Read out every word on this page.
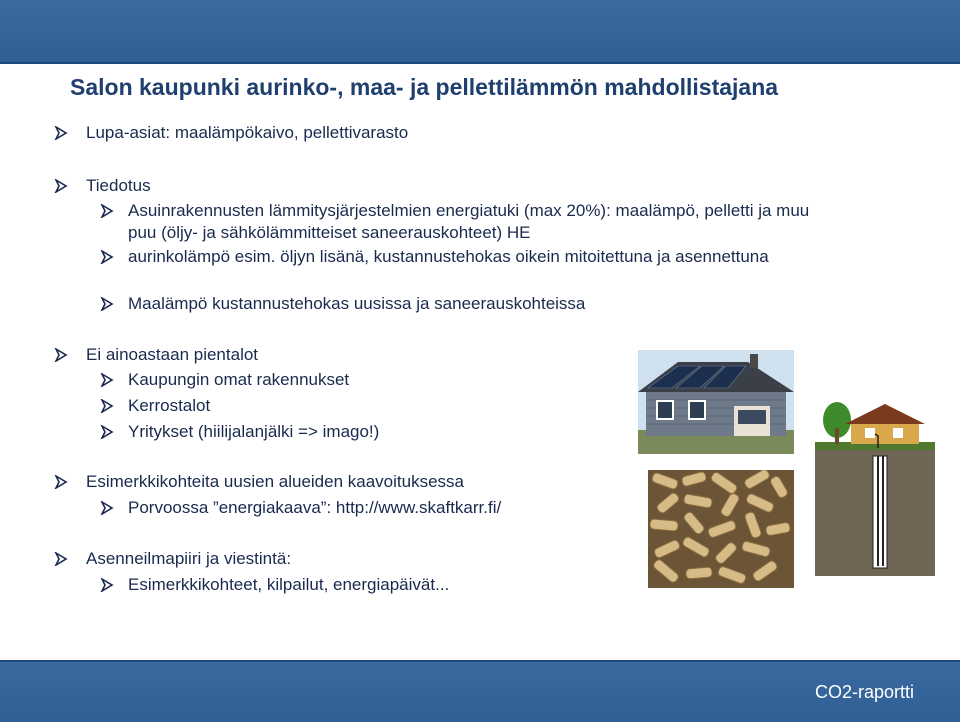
Salon kaupunki aurinko-, maa- ja pellettilämmön mahdollistajana
Lupa-asiat: maalämpökaivo, pellettivarasto
Tiedotus
Asuinrakennusten lämmitysjärjestelmien energiatuki (max 20%): maalämpö, pelletti ja muu puu (öljy- ja sähkölämmitteiset saneerauskohteet) HE
aurinkolämpö esim. öljyn lisänä, kustannustehokas oikein mitoitettuna ja asennettuna
Maalämpö kustannustehokas uusissa ja saneerauskohteissa
Ei ainoastaan pientalot
Kaupungin omat rakennukset
Kerrostalot
Yritykset (hiilijalanjälki => imago!)
Esimerkkikohteita uusien alueiden kaavoituksessa
Porvoossa ”energiakaava”: http://www.skaftkarr.fi/
Asenneilmapiiri ja viestintä:
Esimerkkikohteet, kilpailut, energiapäivät...
CO2-raportti
